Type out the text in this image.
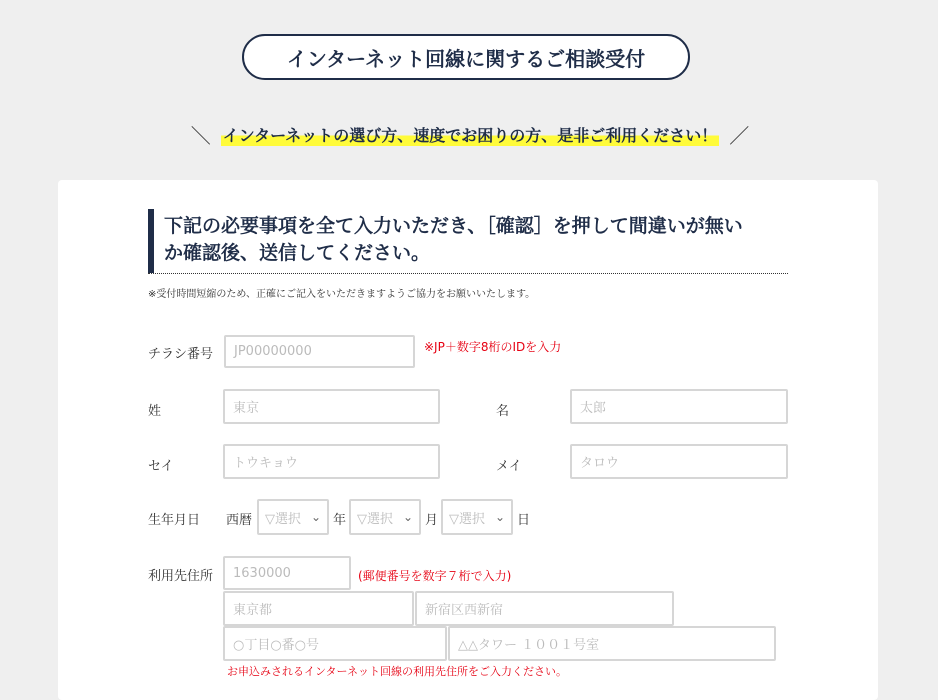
インターネット回線に関するご相談受付
＼ インターネットの選び方、速度でお困りの方、是非ご利用ください！ ／
下記の必要事項を全て入力いただき、［確認］を押して間違いが無い
か確認後、送信してください。
※受付時間短縮のため、正確にご記入をいただきますようご協力をお願いいたします。
チラシ番号	JP00000000	※JP＋数字8桁のIDを入力
姓	東京	名	太郎
セイ	トウキョウ	メイ	タロウ
生年月日 西暦 ▽選択 ⌄ 年 ▽選択 ⌄ 月 ▽選択 ⌄ 日
利用先住所	1630000	(郵便番号を数字７桁で入力)
東京都	新宿区西新宿
○丁目○番○号	△△タワー １００１号室
お申込みされるインターネット回線の利用先住所をご入力ください。
